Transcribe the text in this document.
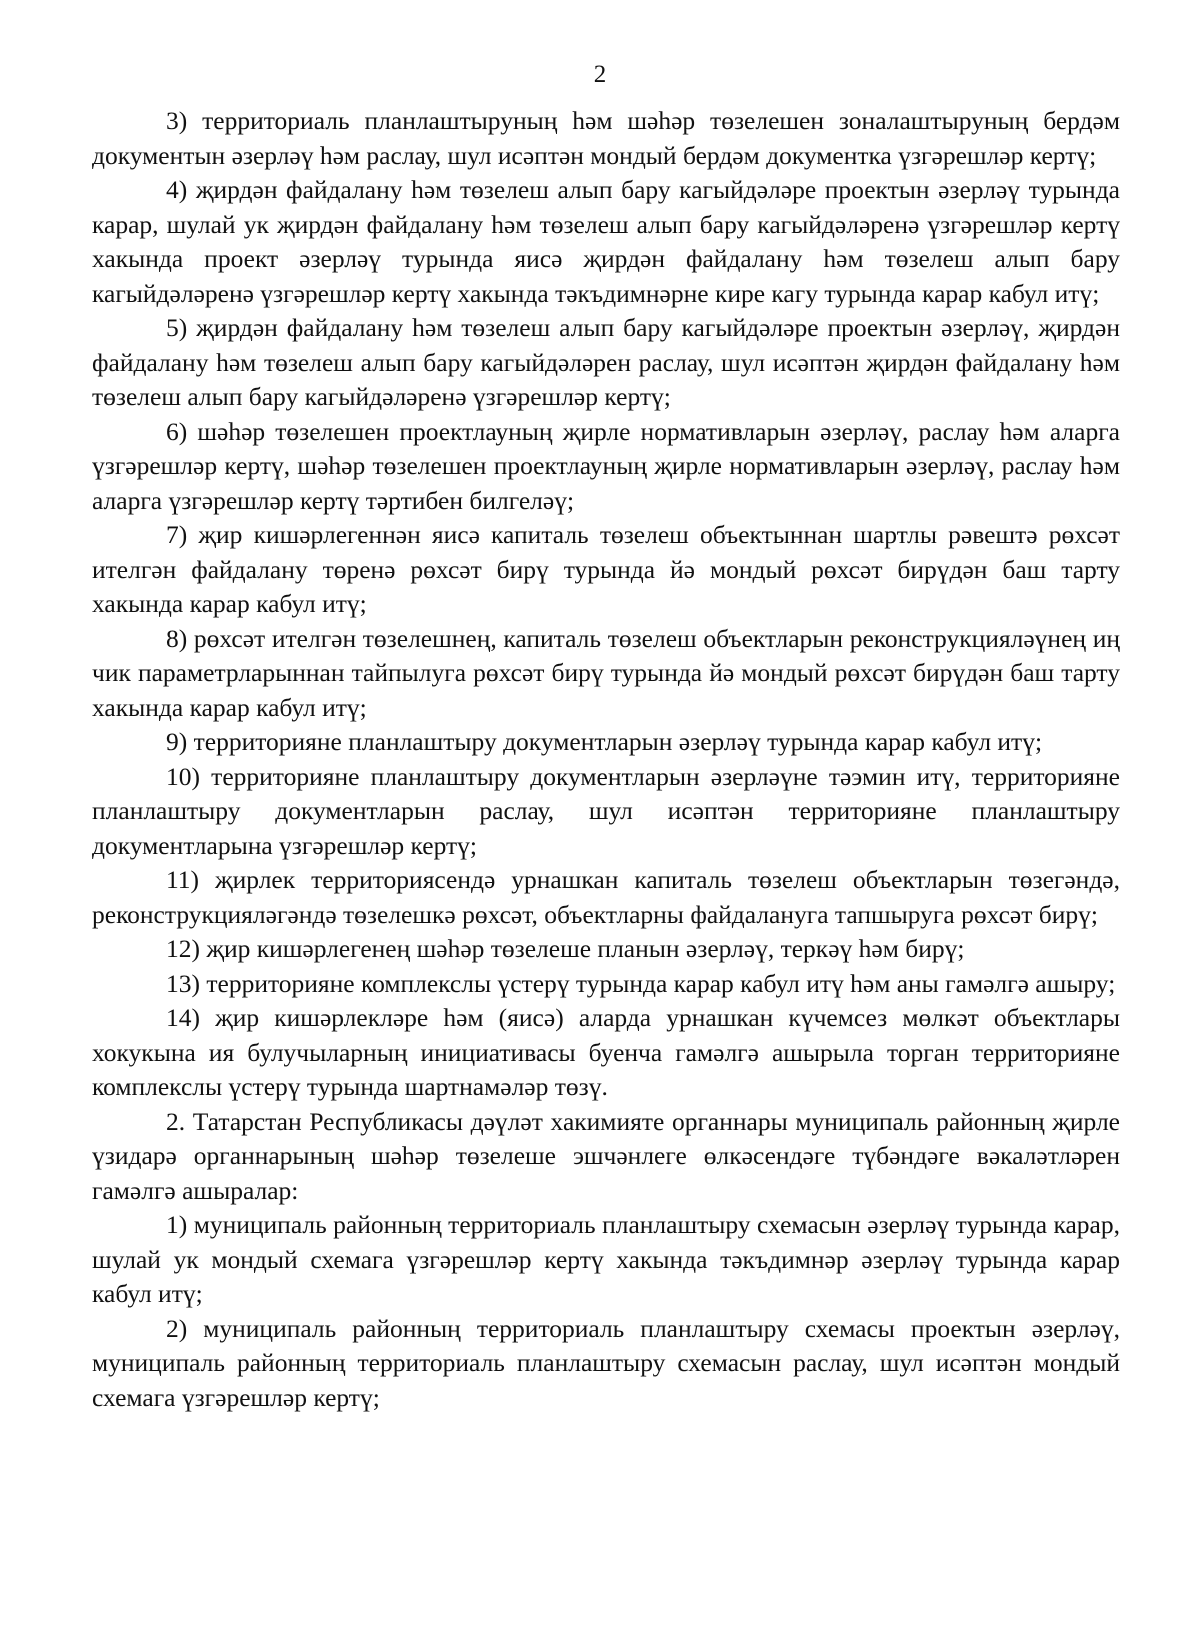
2

3) территориаль планлаштыруның һәм шәһәр төзелешен зоналаштыруның бердәм документын әзерләү һәм раслау, шул исәптән мондый бердәм документка үзгәрешләр кертү;

4) җирдән файдалану һәм төзелеш алып бару кагыйдәләре проектын әзерләү турында карар, шулай ук җирдән файдалану һәм төзелеш алып бару кагыйдәләренә үзгәрешләр кертү хакында проект әзерләү турында яисә җирдән файдалану һәм төзелеш алып бару кагыйдәләренә үзгәрешләр кертү хакында тәкъдимнәрне кире кагу турында карар кабул итү;

5) җирдән файдалану һәм төзелеш алып бару кагыйдәләре проектын әзерләү, җирдән файдалану һәм төзелеш алып бару кагыйдәләрен раслау, шул исәптән җирдән файдалану һәм төзелеш алып бару кагыйдәләренә үзгәрешләр кертү;

6) шәһәр төзелешен проектлауның җирле нормативларын әзерләү, раслау һәм аларга үзгәрешләр кертү, шәһәр төзелешен проектлауның җирле нормативларын әзерләү, раслау һәм аларга үзгәрешләр кертү тәртибен билгеләү;

7) җир кишәрлегеннән яисә капиталь төзелеш объектыннан шартлы рәвештә рөхсәт ителгән файдалану төренә рөхсәт бирү турында йә мондый рөхсәт бирүдән баш тарту хакында карар кабул итү;

8) рөхсәт ителгән төзелешнең, капиталь төзелеш объектларын реконструкцияләүнең иң чик параметрларыннан тайпылуга рөхсәт бирү турында йә мондый рөхсәт бирүдән баш тарту хакында карар кабул итү;

9) территорияне планлаштыру документларын әзерләү турында карар кабул итү;

10) территорияне планлаштыру документларын әзерләүне тәэмин итү, территорияне планлаштыру документларын раслау, шул исәптән территорияне планлаштыру документларына үзгәрешләр кертү;

11) җирлек территориясендә урнашкан капиталь төзелеш объектларын төзегәндә, реконструкцияләгәндә төзелешкә рөхсәт, объектларны файдалануга тапшыруга рөхсәт бирү;

12) җир кишәрлегенең шәһәр төзелеше планын әзерләү, теркәү һәм бирү;

13) территорияне комплекслы үстерү турында карар кабул итү һәм аны гамәлгә ашыру;

14) җир кишәрлекләре һәм (яисә) аларда урнашкан күчемсез мөлкәт объектлары хокукына ия булучыларның инициативасы буенча гамәлгә ашырыла торган территорияне комплекслы үстерү турында шартнамәләр төзү.

2. Татарстан Республикасы дәүләт хакимияте органнары муниципаль районның җирле үзидарә органнарының шәһәр төзелеше эшчәнлеге өлкәсендәге түбәндәге вәкаләтләрен гамәлгә ашыралар:

1) муниципаль районның территориаль планлаштыру схемасын әзерләү турында карар, шулай ук мондый схемага үзгәрешләр кертү хакында тәкъдимнәр әзерләү турында карар кабул итү;

2) муниципаль районның территориаль планлаштыру схемасы проектын әзерләү, муниципаль районның территориаль планлаштыру схемасын раслау, шул исәптән мондый схемага үзгәрешләр кертү;
